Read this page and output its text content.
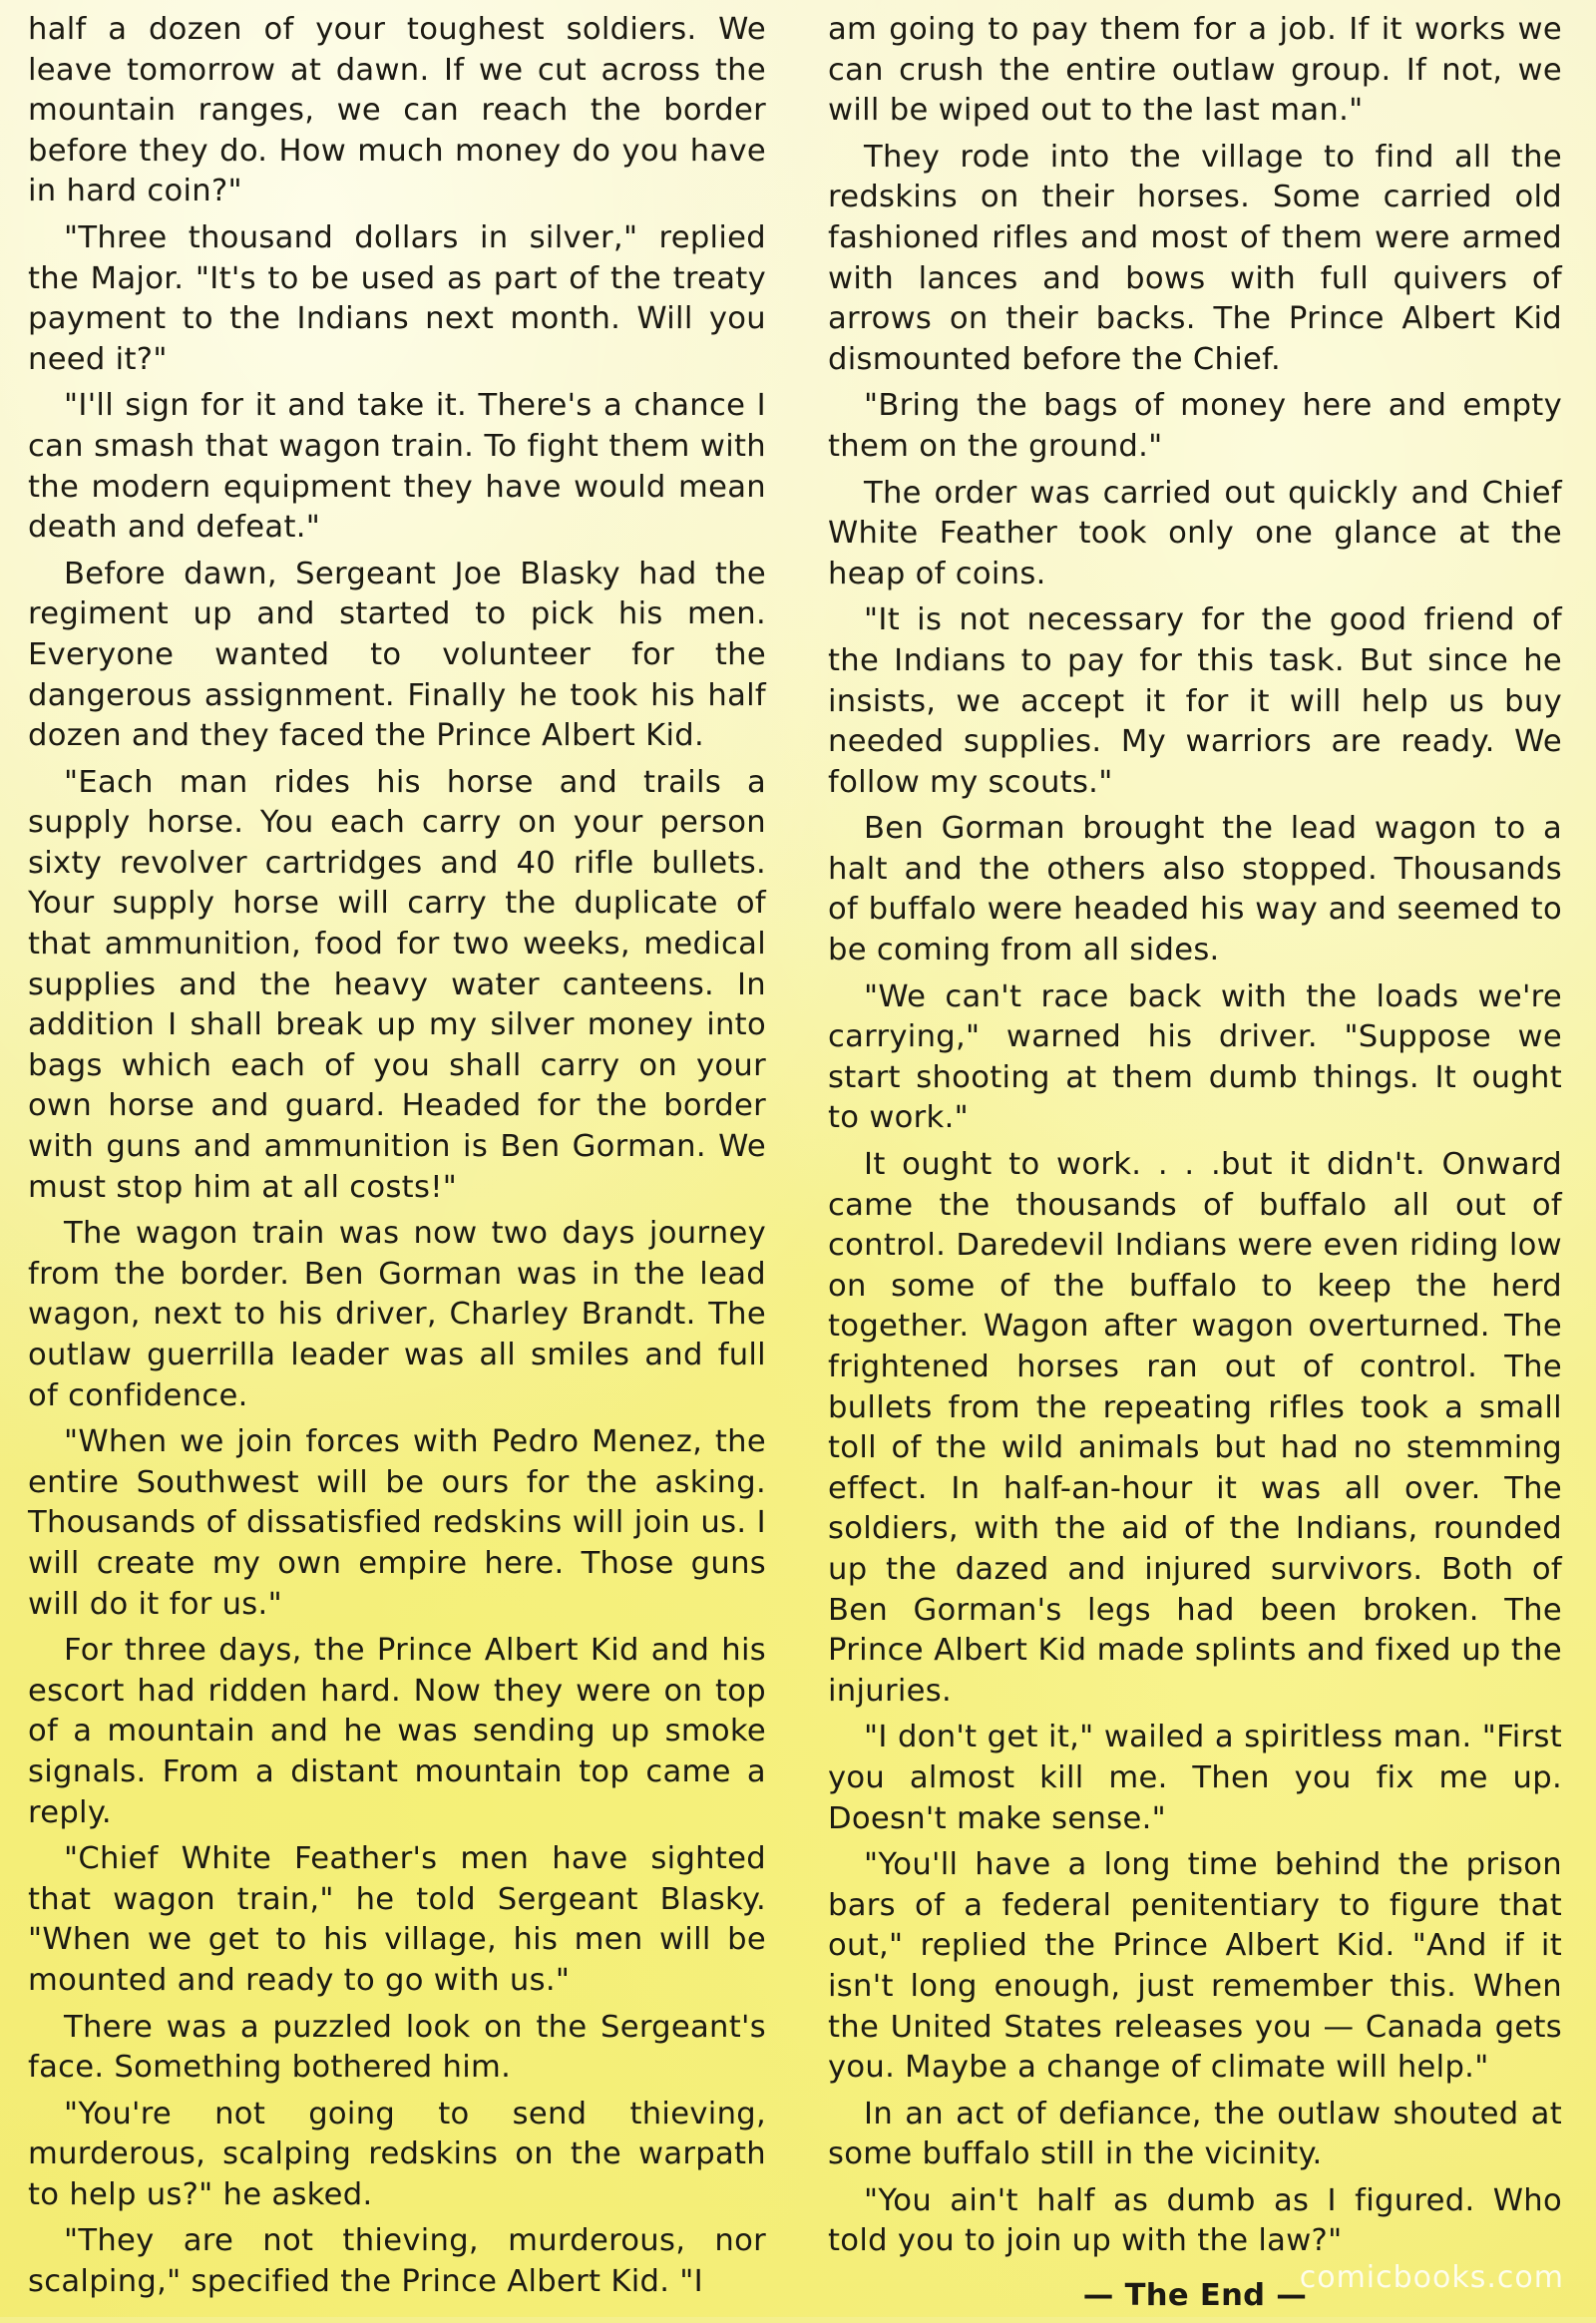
half a dozen of your toughest soldiers. We leave tomorrow at dawn. If we cut across the mountain ranges, we can reach the border before they do. How much money do you have in hard coin?"

"Three thousand dollars in silver," replied the Major. "It's to be used as part of the treaty payment to the Indians next month. Will you need it?"

"I'll sign for it and take it. There's a chance I can smash that wagon train. To fight them with the modern equipment they have would mean death and defeat."

Before dawn, Sergeant Joe Blasky had the regiment up and started to pick his men. Everyone wanted to volunteer for the dangerous assignment. Finally he took his half dozen and they faced the Prince Albert Kid.

"Each man rides his horse and trails a supply horse. You each carry on your person sixty revolver cartridges and 40 rifle bullets. Your supply horse will carry the duplicate of that ammunition, food for two weeks, medical supplies and the heavy water canteens. In addition I shall break up my silver money into bags which each of you shall carry on your own horse and guard. Headed for the border with guns and ammunition is Ben Gorman. We must stop him at all costs!"

The wagon train was now two days journey from the border. Ben Gorman was in the lead wagon, next to his driver, Charley Brandt. The outlaw guerrilla leader was all smiles and full of confidence.

"When we join forces with Pedro Menez, the entire Southwest will be ours for the asking. Thousands of dissatisfied redskins will join us. I will create my own empire here. Those guns will do it for us."

For three days, the Prince Albert Kid and his escort had ridden hard. Now they were on top of a mountain and he was sending up smoke signals. From a distant mountain top came a reply.

"Chief White Feather's men have sighted that wagon train," he told Sergeant Blasky. "When we get to his village, his men will be mounted and ready to go with us."

There was a puzzled look on the Sergeant's face. Something bothered him.

"You're not going to send thieving, murderous, scalping redskins on the warpath to help us?" he asked.

"They are not thieving, murderous, nor scalping," specified the Prince Albert Kid. "I

am going to pay them for a job. If it works we can crush the entire outlaw group. If not, we will be wiped out to the last man."

They rode into the village to find all the redskins on their horses. Some carried old fashioned rifles and most of them were armed with lances and bows with full quivers of arrows on their backs. The Prince Albert Kid dismounted before the Chief.

"Bring the bags of money here and empty them on the ground."

The order was carried out quickly and Chief White Feather took only one glance at the heap of coins.

"It is not necessary for the good friend of the Indians to pay for this task. But since he insists, we accept it for it will help us buy needed supplies. My warriors are ready. We follow my scouts."

Ben Gorman brought the lead wagon to a halt and the others also stopped. Thousands of buffalo were headed his way and seemed to be coming from all sides.

"We can't race back with the loads we're carrying," warned his driver. "Suppose we start shooting at them dumb things. It ought to work."

It ought to work. . . .but it didn't. Onward came the thousands of buffalo all out of control. Daredevil Indians were even riding low on some of the buffalo to keep the herd together. Wagon after wagon overturned. The frightened horses ran out of control. The bullets from the repeating rifles took a small toll of the wild animals but had no stemming effect. In half-an-hour it was all over. The soldiers, with the aid of the Indians, rounded up the dazed and injured survivors. Both of Ben Gorman's legs had been broken. The Prince Albert Kid made splints and fixed up the injuries.

"I don't get it," wailed a spiritless man. "First you almost kill me. Then you fix me up. Doesn't make sense."

"You'll have a long time behind the prison bars of a federal penitentiary to figure that out," replied the Prince Albert Kid. "And if it isn't long enough, just remember this. When the United States releases you — Canada gets you. Maybe a change of climate will help."

In an act of defiance, the outlaw shouted at some buffalo still in the vicinity.

"You ain't half as dumb as I figured. Who told you to join up with the law?"

— The End —

comicbooks.com
